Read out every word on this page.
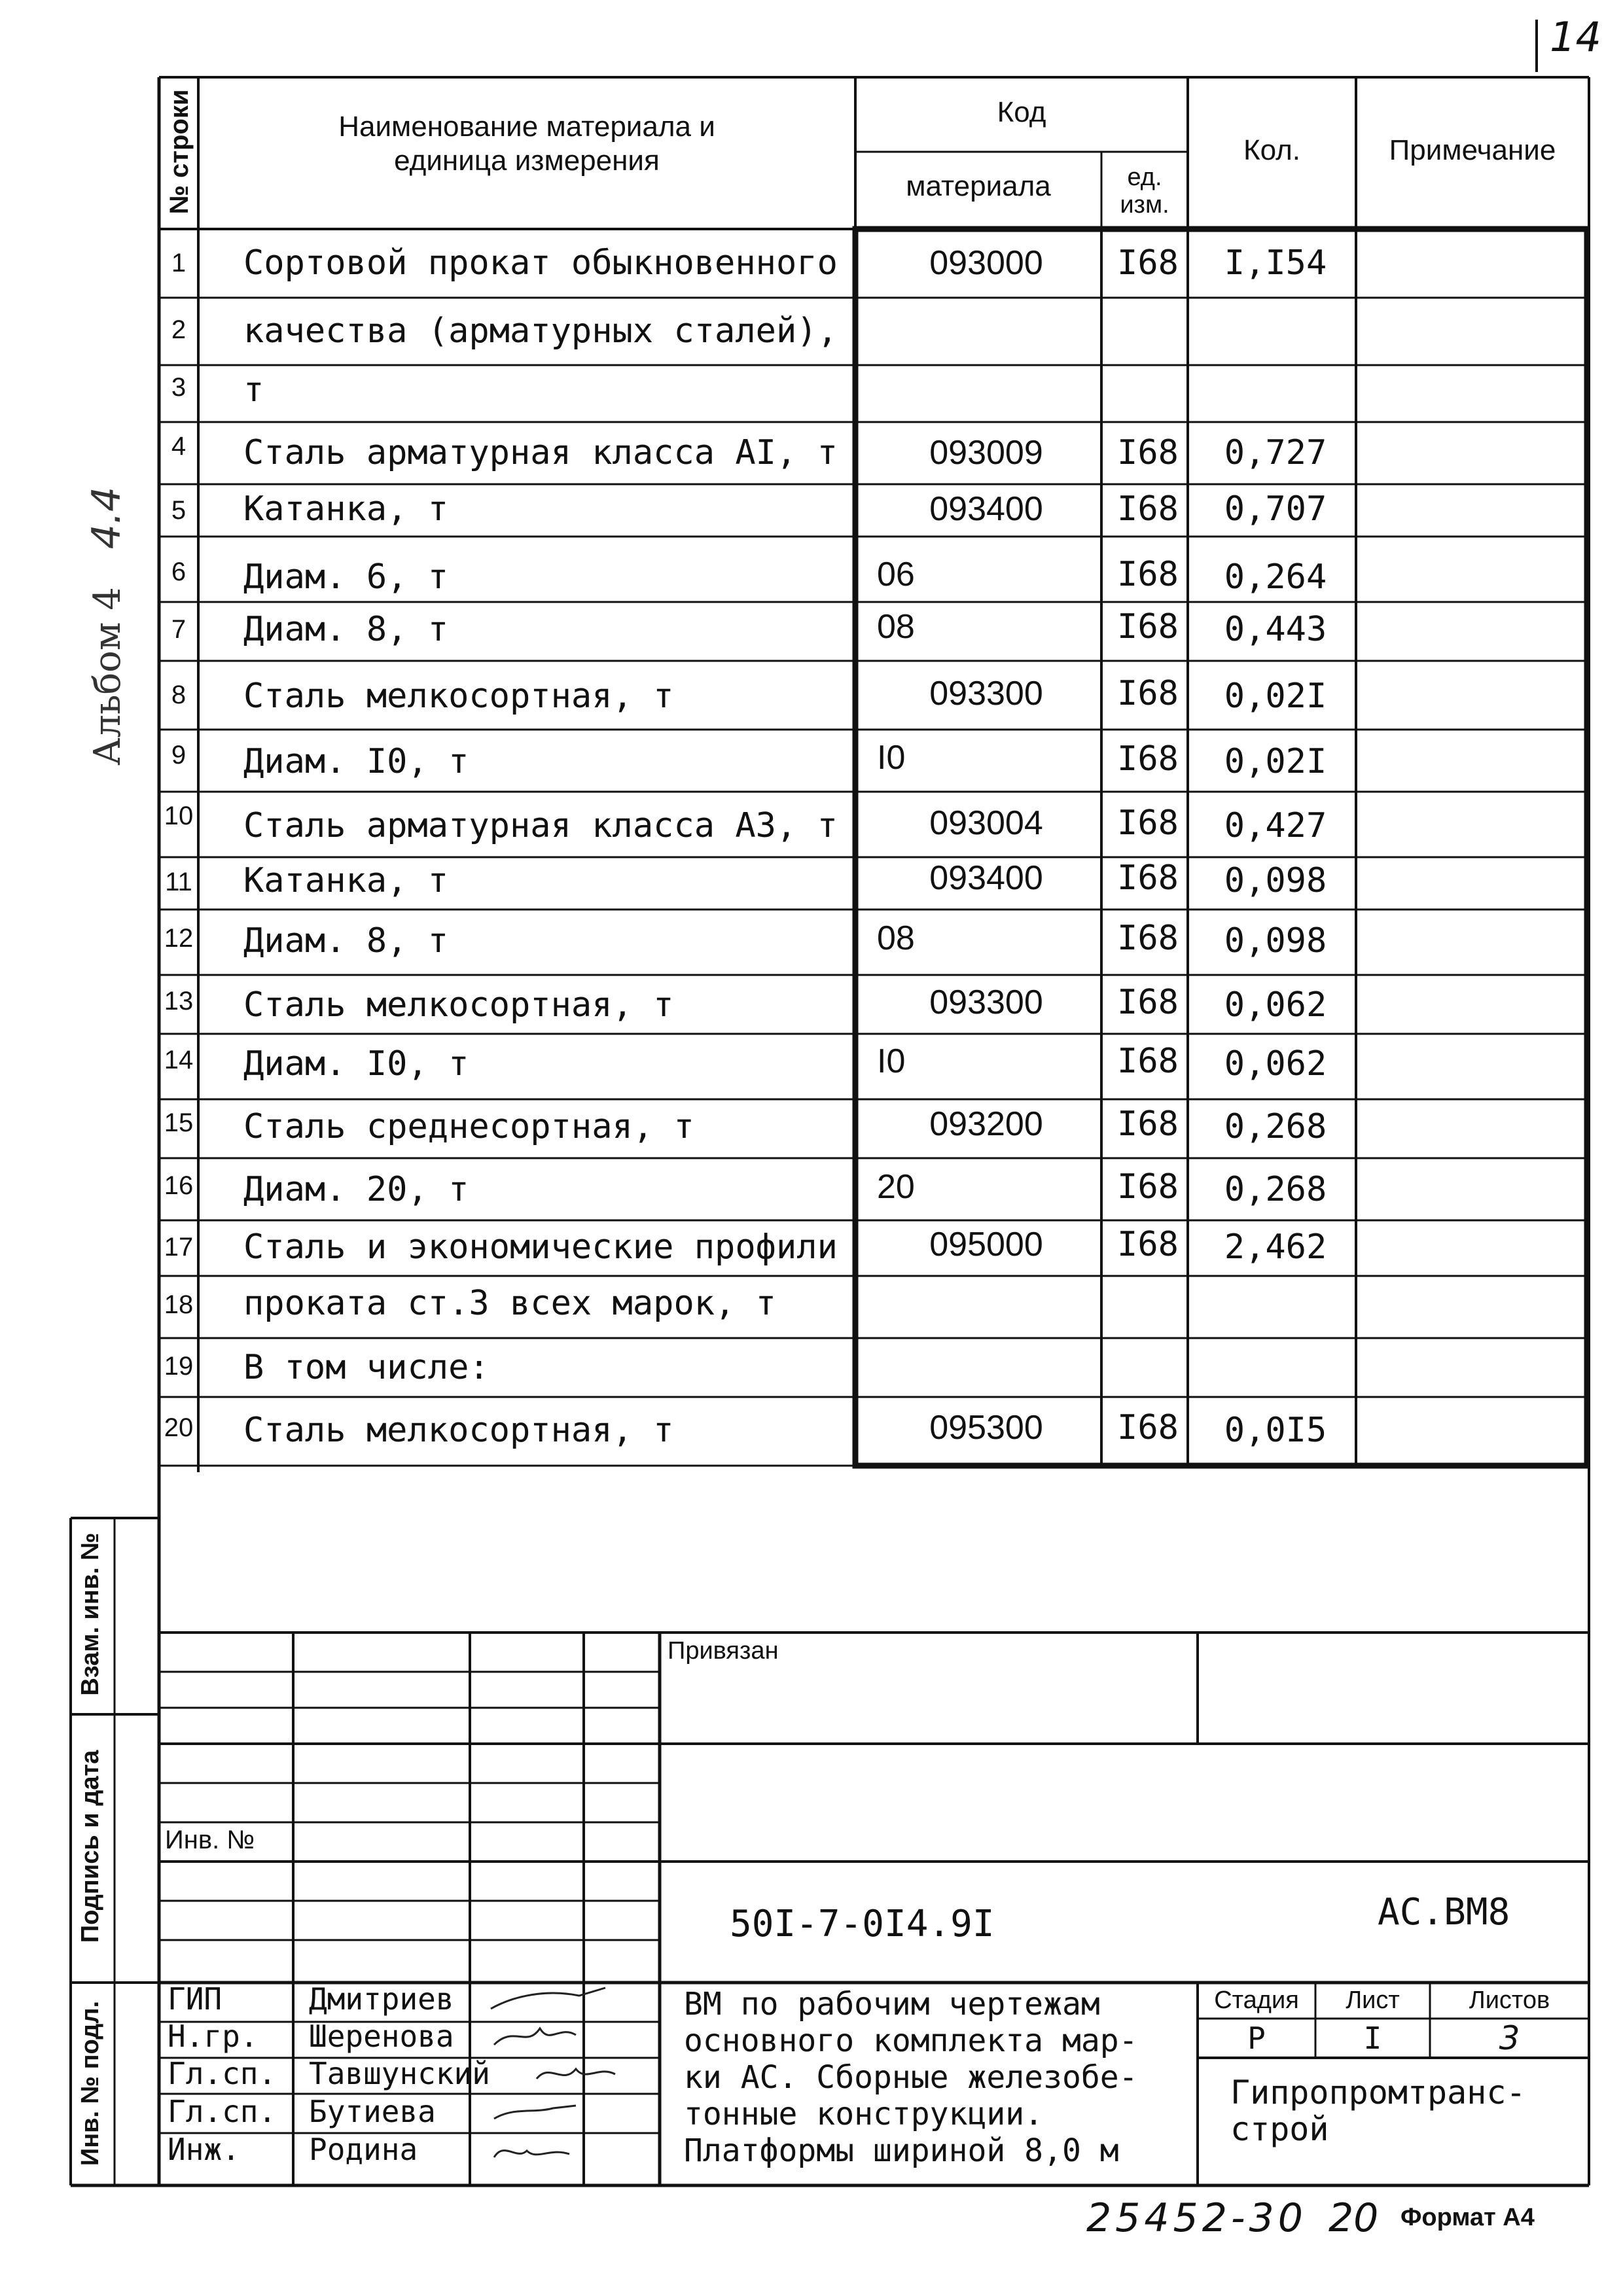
14
Альбом 4 4.4
№ строки	Наименование материала и
единица измерения
Код
материала	ед.
изм.
Кол.	Примечание
1	Сортовой прокат обыкновенного	093000	I68	I,I54
2	качества (арматурных сталей),
3	т
4	Сталь арматурная класса AI, т	093009	I68	0,727
5	Катанка, т	093400	I68	0,707
6	Диам. 6, т	06	I68	0,264
7	Диам. 8, т	08	I68	0,443
8	Сталь мелкосортная, т	093300	I68	0,02I
9	Диам. I0, т	I0	I68	0,02I
10 Сталь арматурная класса A3, т	093004	I68	0,427
11 Катанка, т	093400	I68	0,098
12 Диам. 8, т	08	I68	0,098
13 Сталь мелкосортная, т	093300	I68	0,062
14 Диам. I0, т	I0	I68	0,062
15 Сталь среднесортная, т	093200	I68	0,268
16 Диам. 20, т	20	I68	0,268
17 Сталь и экономические профили	095000	I68	2,462
18 проката ст.3 всех марок, т
19 В том числе:
20 Сталь мелкосортная, т	095300	I68	0,0I5
Взам. инв. №
Подпись и дата
Инв. № подл.
Привязан
Инв. №
50I-7-0I4.9I	АС.ВМ8
ГИП	Дмитриев
Н.гр. Шеренова
Гл.сп. Тавшунский
Гл.сп. Бутиева
Инж. Родина
ВМ по рабочим чертежам
основного комплекта мар-
ки АС. Сборные железобе-
тонные конструкции.
Платформы шириной 8,0 м
Стадия	Лист	Листов
Р	I	3
Гипропромтранс-
строй
25452-30 20 Формат А4
